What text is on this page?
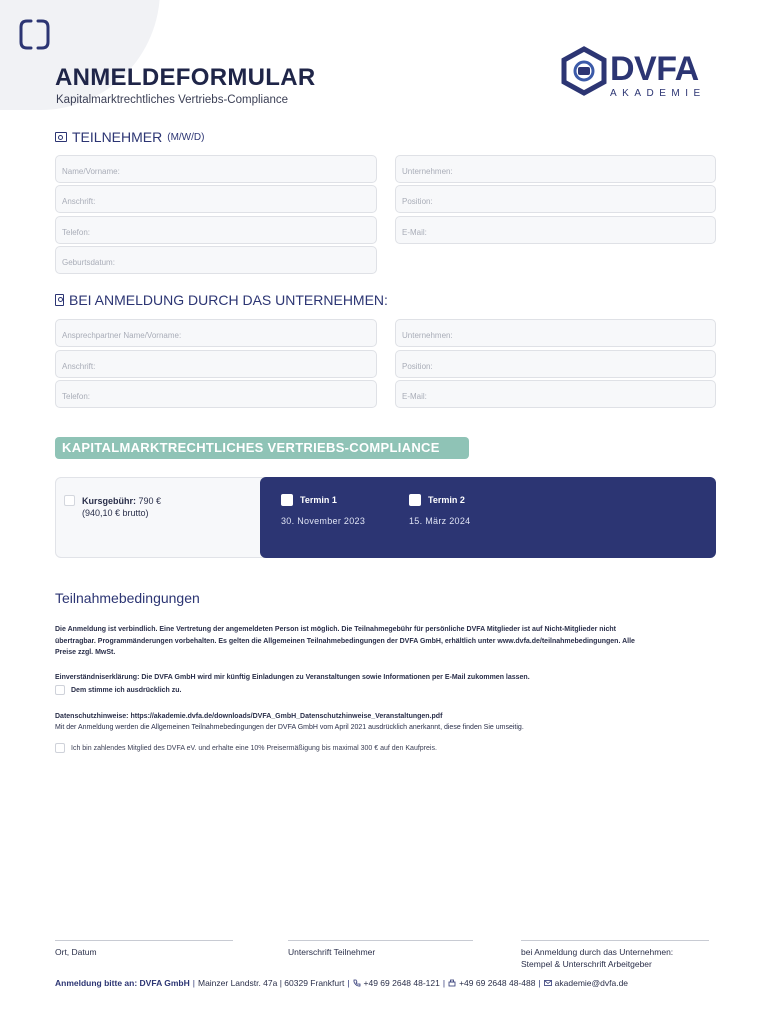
ANMELDEFORMULAR
Kapitalmarktrechtliches Vertriebs-Compliance
DVFA
AKADEMIE
TEILNEHMER (M/W/D)
Name/Vorname:	Unternehmen:
Anschrift:	Position:
Telefon:	E-Mail:
Geburtsdatum:
BEI ANMELDUNG DURCH DAS UNTERNEHMEN:
Ansprechpartner Name/Vorname:	Unternehmen:
Anschrift:	Position:
Telefon:	E-Mail:
KAPITALMARKTRECHTLICHES VERTRIEBS-COMPLIANCE
Kursgebühr: 790 €
(940,10 € brutto)
Termin 1
30. November 2023
Termin 2
15. März 2024
Teilnahmebedingungen
Die Anmeldung ist verbindlich. Eine Vertretung der angemeldeten Person ist möglich. Die Teilnahmegebühr für persönliche DVFA Mitglieder ist auf Nicht-Mitglieder nicht übertragbar. Programmänderungen vorbehalten. Es gelten die Allgemeinen Teilnahmebedingungen der DVFA GmbH, erhältlich unter www.dvfa.de/teilnahmebedingungen. Alle Preise zzgl. MwSt.
Einverständniserklärung: Die DVFA GmbH wird mir künftig Einladungen zu Veranstaltungen sowie Informationen per E-Mail zukommen lassen.
Dem stimme ich ausdrücklich zu.
Datenschutzhinweise: https://akademie.dvfa.de/downloads/DVFA_GmbH_Datenschutzhinweise_Veranstaltungen.pdf
Mit der Anmeldung werden die Allgemeinen Teilnahmebedingungen der DVFA GmbH vom April 2021 ausdrücklich anerkannt, diese finden Sie umseitig.
Ich bin zahlendes Mitglied des DVFA eV. und erhalte eine 10% Preisermäßigung bis maximal 300 € auf den Kaufpreis.
Ort, Datum	Unterschrift Teilnehmer	bei Anmeldung durch das Unternehmen:
Stempel & Unterschrift Arbeitgeber
Anmeldung bitte an: DVFA GmbH | Mainzer Landstr. 47a | 60329 Frankfurt | +49 69 2648 48-121 | +49 69 2648 48-488 | akademie@dvfa.de
